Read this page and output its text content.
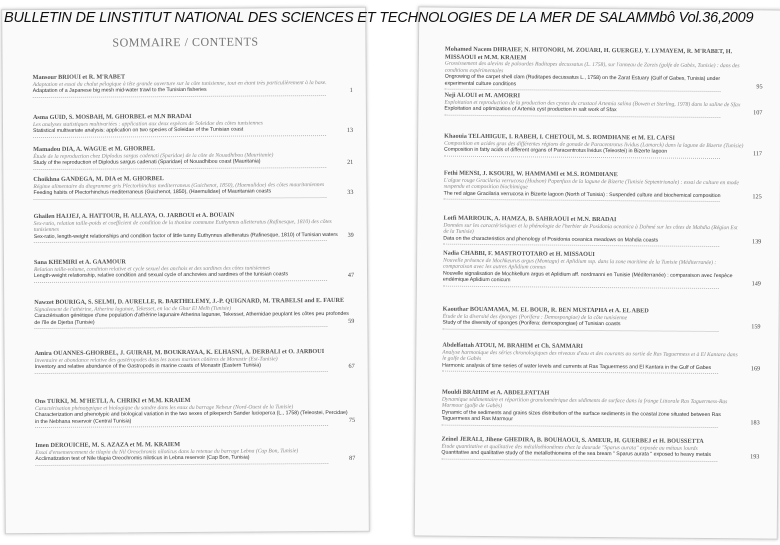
BULLETIN DE LINSTITUT NATIONAL DES SCIENCES ET TECHNOLOGIES DE LA MER DE SALAMMbô Vol.36,2009
SOMMAIRE / CONTENTS
Mansour BRIOUI et R. M'RABET
Adaptation et essai du chalut pélagique à tête grande ouverture sur la côte tunisienne, tout en étant très particulièrement à la base.
Adaptation of a Japanese big mesh mid-water trawl to the Tunisian fisheries	1
Asma GUID, S. MOSBAH, M. GHORBEL et M.N BRADAI
Les analyses statistiques multivariées : application aux deux espèces de Soleidae des côtes tunisiennes
Statistical multivariate analysis: application on two species of Soleidae of the Tunisian coast	13
Mamadou DIA, A. WAGUE et M. GHORBEL
Étude de la reproduction chez Diplodus sargus cadenati (Sparidae) de la côte de Nouadhibou (Mauritanie)
Study of the reproduction of Diplodus sargus cadenati (Sparidae) of Nouadhibou coast (Mauritania)	21
Choikhna GANDEGA, M. DIA et M. GHORBEL
Régime alimentaire du diagramme gris Plectorhinchus mediterraneus (Guichenot, 1850), (Haemulidae) des côtes mauritaniennes
Feeding habits of Plectorhinchus mediterraneus (Guichenot, 1850), (Haemulidae) of Mauritanian coasts	33
Ghailen HAJJEJ, A. HATTOUR, H. ALLAYA, O. JARBOUI et A. BOUAIN
Sex-ratio, relation taille-poids et coefficient de condition de la thonine commune Euthynnus alletteratus (Rafinesque, 1810) des côtes tunisiennes
Sex-ratio, length-weight relationships and condition factor of little tunny Euthynnus alletteratus (Rafinesque, 1810) of Tunisian waters	39
Sana KHEMIRI et A. GAAMOUR
Relation taille-volume, condition relative et cycle sexuel des anchois et des sardines des côtes tunisiennes
Length-weight relationship, relative condition and sexual cycle of anchovies and sardines of the tunisian coasts	47
Nawzet BOURIGA, S. SELMI, D. AURELLE, R. BARTHELEMY, J.-P. QUIGNARD, M. TRABELSI and E. FAURE
Signalement de l'athérine, Atherina lagunae, Tekesset, en lac de Ghar El Melh (Tunisie)
Caractérisation génétique d'une population d'athérine lagunaire Atherina lagunae, Tekesset, Athernidae peuplant les côtes peu profondes de l'île de Djerba (Tunisie)	59
Amira OUANNES-GHORBEL, J. GUIRAH, M. BOUKRAYAA, K. ELHASNI, A. DERBALI et O. JARBOUI
Inventaire et abondance relative des gastéropodes dans les zones marines côtières de Monastir (Est-Tunisie)
Inventory and relative abundance of the Gastropods in marine coasts of Monastir (Eastern Tunisia)	67
Ons TURKI, M. M'HETLI, A. CHRIKI et M.M. KRAIEM
Caractérisation phénotypique et biologique du sandre dans les eaux du barrage Nebeur (Nord-Ouest de la Tunisie)
Characterization and phenotypic and biological variation in the two sexes of pikeperch Sander lucioperca (L., 1758) (Teleostei, Percidae) in the Nebhana reservoir (Central Tunisia)	75
Imen DEROUICHE, M. S. AZAZA et M. M. KRAIEM
Essai d'ensemencement de tilapia du Nil Oreochromis niloticus dans la retenue du barrage Lebna (Cap Bon, Tunisie)
Acclimatization test of Nile tilapia Oreochromis niloticus in Lebna reservoir (Cap Bon, Tunisia)	87
Mohamed Nacem DHRAIEF, N. HITONORI, M. ZOUARI, H. GUERGEJ, Y. LYMAYEM, R. M'RABET, H. MISSAOUI et M.M. KRAIEM
Grossissement des alevins de palourdes Ruditapes decussatus (L. 1758), sur l'anneau de Zarzis (golfe de Gabès, Tunisie) : dans des conditions expérimentales
Ongrowing of the carpet shell clam (Ruditapes decussatus L., 1758) on the Zarat Estuary (Gulf of Gabes, Tunisia) under experimental culture conditions	95
Neji ALOUI et M. AMORRI
Exploitation et reproduction de la production des cystes du crustacé Artemia salina (Bowen et Sterling, 1978) dans la saline de Sfax
Exploitation and optimization of Artemia cyst production in salt work of Sfax	107
Khaouia TELAHIGUE, I. RABEH, I. CHETOUI, M. S. ROMDHANE et M. EL CAFSI
Composition en acides gras des différentes régions de gonade de Paracentrotus lividus (Lamarck) dans la lagune de Bizerte (Tunisie)
Composition in fatty acids of different organs of Paracentrotus lividus (Teleostei) in Bizerte lagoon	117
Fethi MENSI, J. KSOURI, W. HAMMAMI et M.S. ROMDHANE
L'algue rouge Gracilaria verrucosa (Hudson) Papenfuss de la lagune de Bizerte (Tunisie Septentrionale) : essai de culture en mode suspendu et composition biochimique
The red algae Gracilaria verrucosa in Bizerte lagoon (North of Tunisia) : Suspended culture and biochemical composition	125
Lotfi MARROUK, A. HAMZA, B. SAHRAOUI et M.N. BRADAI
Données sur les caractéristiques et la phénologie de l'herbier de Posidonia oceanica à Dahmé sur les côtes de Mahdia (Région Est de la Tunisie)
Data on the characteristics and phenology of Posidonia oceanica meadows on Mahdia coasts	139
Nadia CHABBI, F. MASTROTOTARO et H. MISSAOUI
Nouvelle présence de Mochkeurus argus (Montagu) et Aplidium ssp. dans la zone maritime de la Tunisie (Méditerranée) : comparaison avec les autres Aplidium connus
Nouvelle signalisation de Mochkellum argus et Aplidium aff. nordmanni en Tunisie (Méditerranée) : comparaison avec l'espèce endémique Aplidium conicum	149
Kaouthar BOUAMAMA, M. EL BOUR, R. BEN MUSTAPHA et A. EL ABED
Étude de la diversité des éponges (Porifera : Demospongiae) de la côte tunisienne
Study of the diversity of sponges (Porifera: demospongiae) of Tunisian coasts	159
Abdelfattah ATOUI, M. BRAHIM et Ch. SAMMARI
Analyse harmonique des séries chronologiques des niveaux d'eau et des courants au sortie de Ras Taguermess et à El Kantara dans le golfe de Gabès
Harmonic analysis of time series of water levels and currents at Ras Taguermess and El Kantara in the Gulf of Gabes	169
Mouldi BRAHIM et A. ABDELFATTAH
Dynamique sédimentaire et répartition granulométrique des sédiments de surface dans la frange Littorale Ras Taguermess-Ras Marmour (golfe de Gabès)
Dynamic of the sediments and grains sizes distribution of the surface sediments in the coastal zone situated between Ras Taguermess and Ras Marmour	183
Zeinel JERALI, Jihene GHEDIRA, B. BOUHAOUI, S. AMEUR, H. GUERBEJ et H. BOUSSETTA
Étude quantitative et qualitative des métallothionéines chez la daurade "Sparus aurata" exposée au métaux lourds
Quantitative and qualitative study of the metallothioneins of the sea bream " Sparus aurata " exposed to heavy metals	193
